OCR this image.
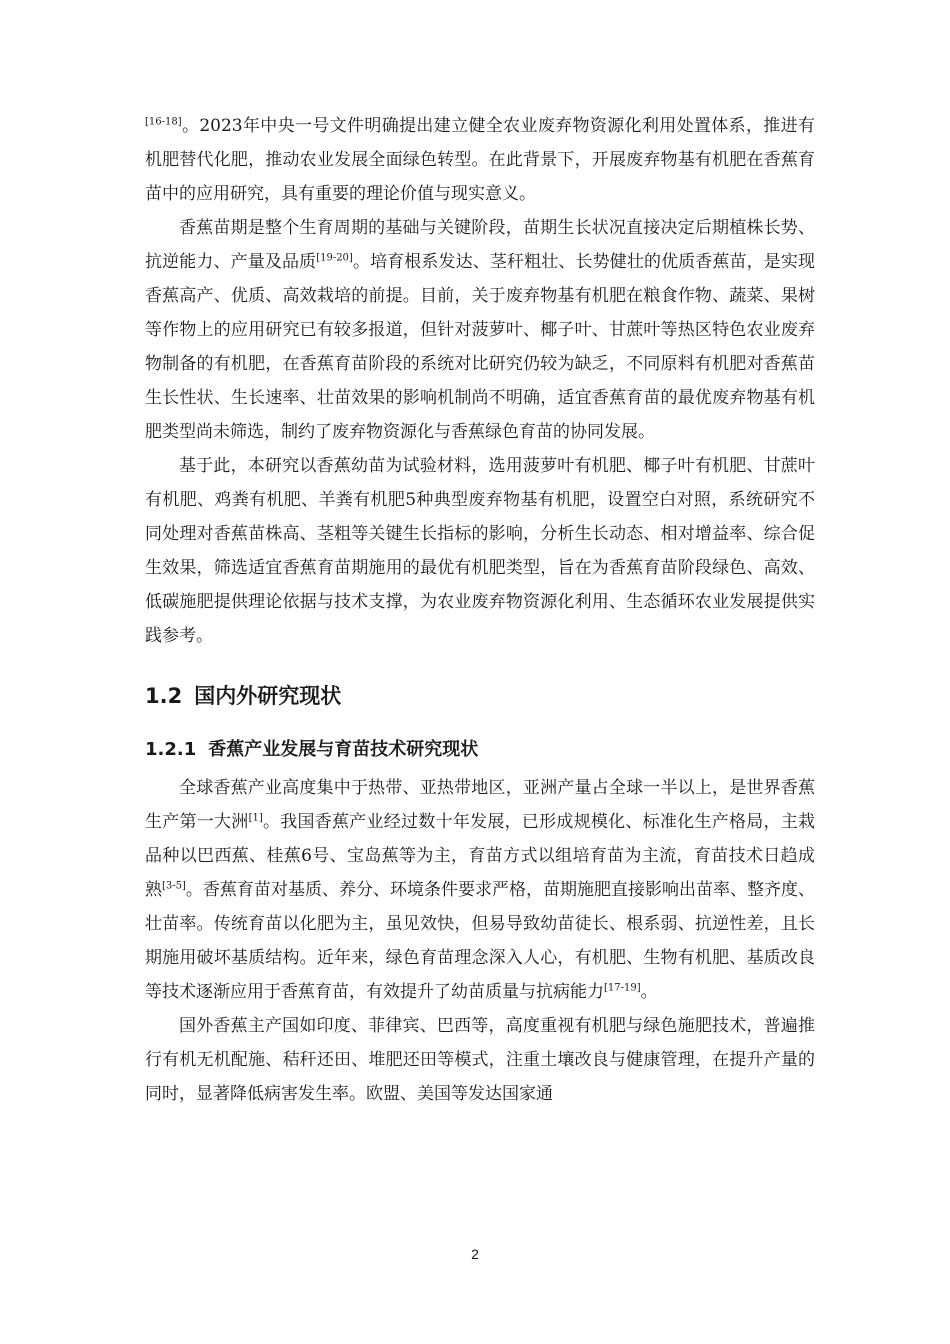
[16-18]。2023年中央一号文件明确提出建立健全农业废弃物资源化利用处置体系，推进有机肥替代化肥，推动农业发展全面绿色转型。在此背景下，开展废弃物基有机肥在香蕉育苗中的应用研究，具有重要的理论价值与现实意义。

香蕉苗期是整个生育周期的基础与关键阶段，苗期生长状况直接决定后期植株长势、抗逆能力、产量及品质[19-20]。培育根系发达、茎秆粗壮、长势健壮的优质香蕉苗，是实现香蕉高产、优质、高效栽培的前提。目前，关于废弃物基有机肥在粮食作物、蔬菜、果树等作物上的应用研究已有较多报道，但针对菠萝叶、椰子叶、甘蔗叶等热区特色农业废弃物制备的有机肥，在香蕉育苗阶段的系统对比研究仍较为缺乏，不同原料有机肥对香蕉苗生长性状、生长速率、壮苗效果的影响机制尚不明确，适宜香蕉育苗的最优废弃物基有机肥类型尚未筛选，制约了废弃物资源化与香蕉绿色育苗的协同发展。

基于此，本研究以香蕉幼苗为试验材料，选用菠萝叶有机肥、椰子叶有机肥、甘蔗叶有机肥、鸡粪有机肥、羊粪有机肥5种典型废弃物基有机肥，设置空白对照，系统研究不同处理对香蕉苗株高、茎粗等关键生长指标的影响，分析生长动态、相对增益率、综合促生效果，筛选适宜香蕉育苗期施用的最优有机肥类型，旨在为香蕉育苗阶段绿色、高效、低碳施肥提供理论依据与技术支撑，为农业废弃物资源化利用、生态循环农业发展提供实践参考。

1.2 国内外研究现状
1.2.1 香蕉产业发展与育苗技术研究现状

全球香蕉产业高度集中于热带、亚热带地区，亚洲产量占全球一半以上，是世界香蕉生产第一大洲[1]。我国香蕉产业经过数十年发展，已形成规模化、标准化生产格局，主栽品种以巴西蕉、桂蕉6号、宝岛蕉等为主，育苗方式以组培育苗为主流，育苗技术日趋成熟[3-5]。香蕉育苗对基质、养分、环境条件要求严格，苗期施肥直接影响出苗率、整齐度、壮苗率。传统育苗以化肥为主，虽见效快，但易导致幼苗徒长、根系弱、抗逆性差，且长期施用破坏基质结构。近年来，绿色育苗理念深入人心，有机肥、生物有机肥、基质改良等技术逐渐应用于香蕉育苗，有效提升了幼苗质量与抗病能力[17-19]。

国外香蕉主产国如印度、菲律宾、巴西等，高度重视有机肥与绿色施肥技术，普遍推行有机无机配施、秸秆还田、堆肥还田等模式，注重土壤改良与健康管理，在提升产量的同时，显著降低病害发生率。欧盟、美国等发达国家通

2
